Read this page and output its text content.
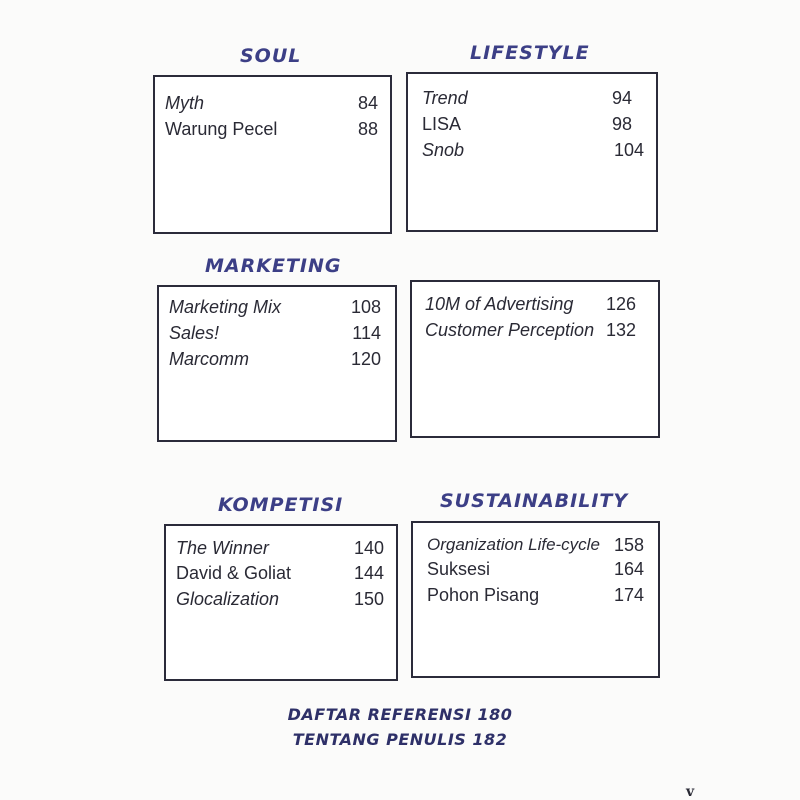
SOUL
Myth	84
Warung Pecel	88
LIFESTYLE
Trend	94
LISA	98
Snob	104
MARKETING
Marketing Mix	108
Sales!	114
Marcomm	120
10M of Advertising 126
Customer Perception 132
KOMPETISI
The Winner	140
David & Goliat	144
Glocalization	150
SUSTAINABILITY
Organization Life-cycle 158
Suksesi	164
Pohon Pisang	174
DAFTAR REFERENSI 180
TENTANG PENULIS 182
v
